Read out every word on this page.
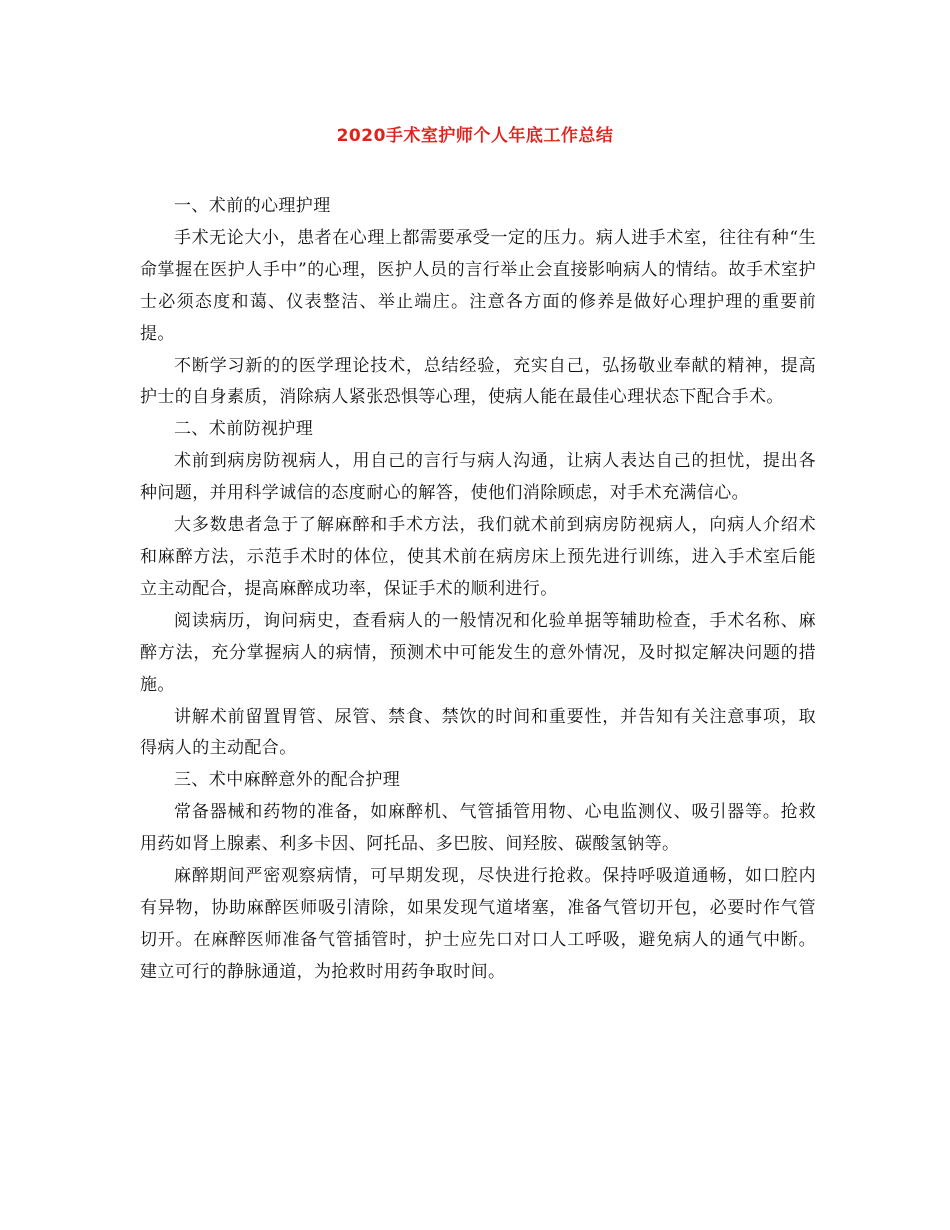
2020手术室护师个人年底工作总结

一、术前的心理护理

手术无论大小，患者在心理上都需要承受一定的压力。病人进手术室，往往有种“生命掌握在医护人手中”的心理，医护人员的言行举止会直接影响病人的情结。故手术室护士必须态度和蔼、仪表整洁、举止端庄。注意各方面的修养是做好心理护理的重要前提。

不断学习新的的医学理论技术，总结经验，充实自己，弘扬敬业奉献的精神，提高护士的自身素质，消除病人紧张恐惧等心理，使病人能在最佳心理状态下配合手术。

二、术前防视护理

术前到病房防视病人，用自己的言行与病人沟通，让病人表达自己的担忧，提出各种问题，并用科学诚信的态度耐心的解答，使他们消除顾虑，对手术充满信心。

大多数患者急于了解麻醉和手术方法，我们就术前到病房防视病人，向病人介绍术和麻醉方法，示范手术时的体位，使其术前在病房床上预先进行训练，进入手术室后能立主动配合，提高麻醉成功率，保证手术的顺利进行。

阅读病历，询问病史，查看病人的一般情况和化验单据等辅助检查，手术名称、麻醉方法，充分掌握病人的病情，预测术中可能发生的意外情况，及时拟定解决问题的措施。

讲解术前留置胃管、尿管、禁食、禁饮的时间和重要性，并告知有关注意事项，取得病人的主动配合。

三、术中麻醉意外的配合护理

常备器械和药物的准备，如麻醉机、气管插管用物、心电监测仪、吸引器等。抢救用药如肾上腺素、利多卡因、阿托品、多巴胺、间羟胺、碳酸氢钠等。

麻醉期间严密观察病情，可早期发现，尽快进行抢救。保持呼吸道通畅，如口腔内有异物，协助麻醉医师吸引清除，如果发现气道堵塞，准备气管切开包，必要时作气管切开。在麻醉医师准备气管插管时，护士应先口对口人工呼吸，避免病人的通气中断。建立可行的静脉通道，为抢救时用药争取时间。
